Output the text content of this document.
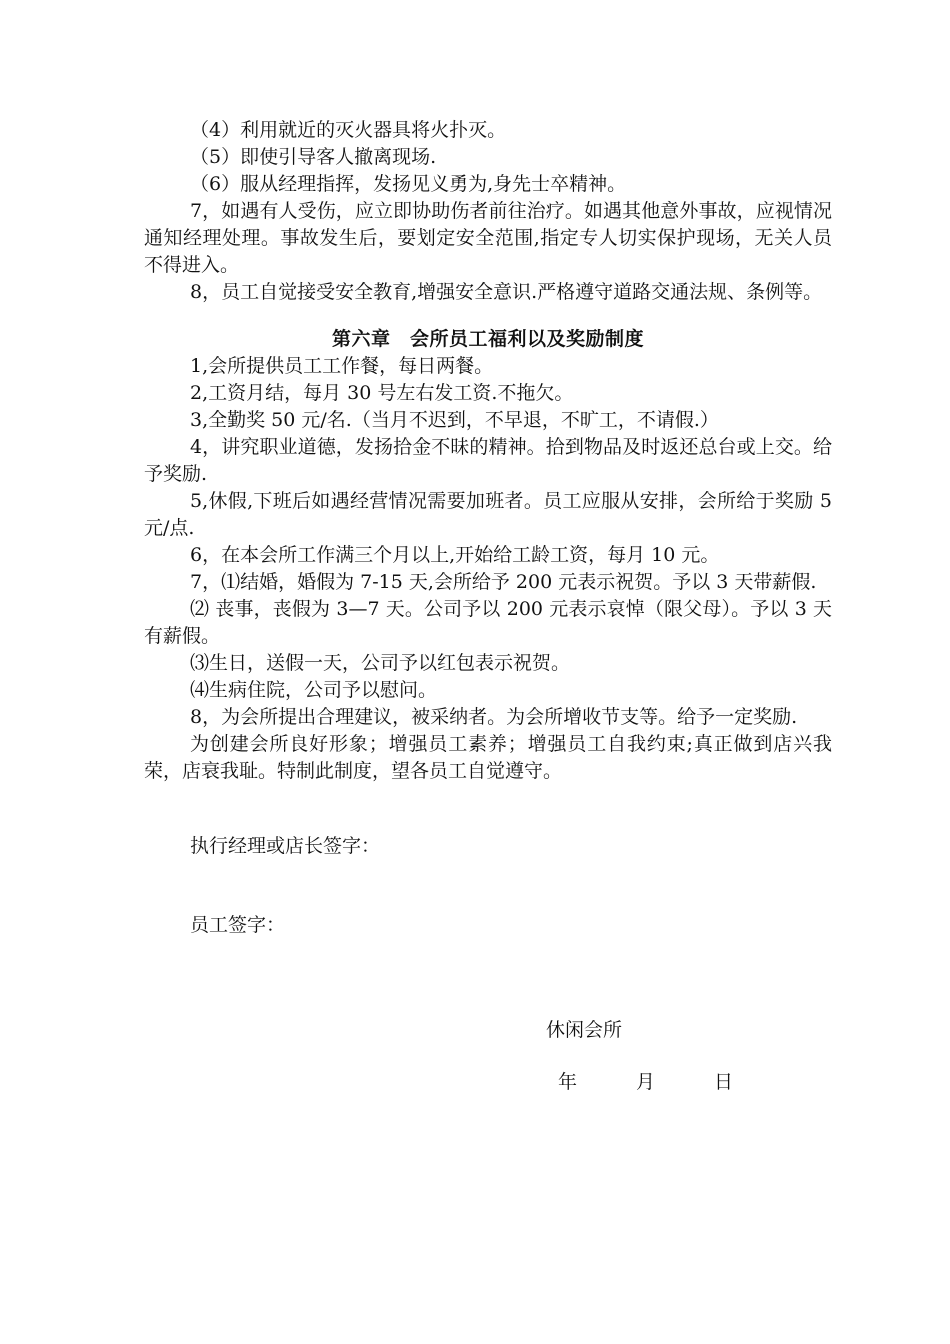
（4）利用就近的灭火器具将火扑灭。

（5）即使引导客人撤离现场.

（6）服从经理指挥，发扬见义勇为,身先士卒精神。

7，如遇有人受伤，应立即协助伤者前往治疗。如遇其他意外事故，应视情况通知经理处理。事故发生后，要划定安全范围,指定专人切实保护现场，无关人员不得进入。

8，员工自觉接受安全教育,增强安全意识.严格遵守道路交通法规、条例等。

第六章　会所员工福利以及奖励制度

1,会所提供员工工作餐，每日两餐。

2,工资月结，每月 30 号左右发工资.不拖欠。

3,全勤奖 50 元/名.（当月不迟到，不早退，不旷工，不请假.）

4，讲究职业道德，发扬拾金不昧的精神。拾到物品及时返还总台或上交。给予奖励.

5,休假,下班后如遇经营情况需要加班者。员工应服从安排，会所给于奖励 5 元/点.

6，在本会所工作满三个月以上,开始给工龄工资，每月 10 元。

7，⑴结婚，婚假为 7-15 天,会所给予 200 元表示祝贺。予以 3 天带薪假.

⑵ 丧事，丧假为 3—7 天。公司予以 200 元表示哀悼（限父母）。予以 3 天有薪假。

⑶生日，送假一天，公司予以红包表示祝贺。

⑷生病住院，公司予以慰问。

8，为会所提出合理建议，被采纳者。为会所增收节支等。给予一定奖励.

为创建会所良好形象；增强员工素养；增强员工自我约束;真正做到店兴我荣，店衰我耻。特制此制度，望各员工自觉遵守。

执行经理或店长签字：

员工签字：

休闲会所
年	月	日
